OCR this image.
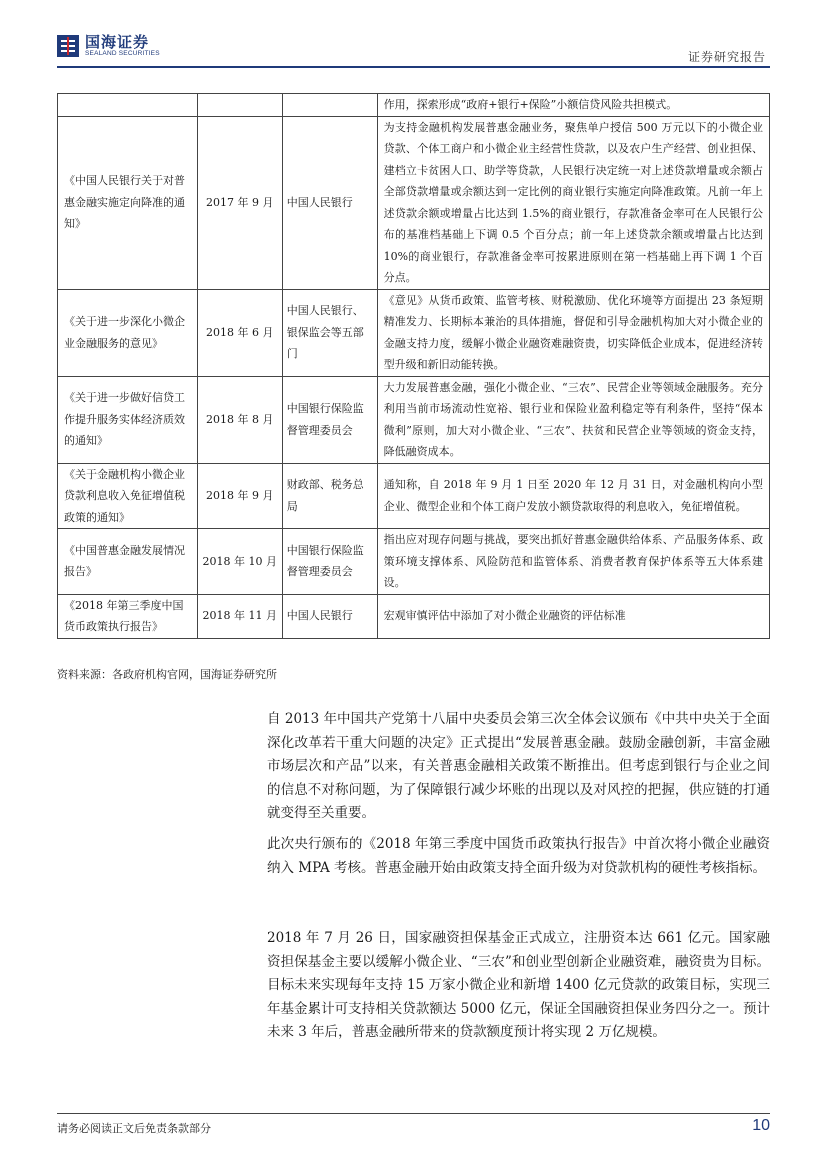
国海证券
SEALAND SECURITIES	证券研究报告
			作用，探索形成“政府+银行+保险”小额信贷风险共担模式。
《中国人民银行关于对普惠金融实施定向降准的通知》	2017 年 9 月	中国人民银行	为支持金融机构发展普惠金融业务，聚焦单户授信 500 万元以下的小微企业贷款、个体工商户和小微企业主经营性贷款，以及农户生产经营、创业担保、建档立卡贫困人口、助学等贷款，人民银行决定统一对上述贷款增量或余额占全部贷款增量或余额达到一定比例的商业银行实施定向降准政策。凡前一年上述贷款余额或增量占比达到 1.5%的商业银行，存款准备金率可在人民银行公布的基准档基础上下调 0.5 个百分点；前一年上述贷款余额或增量占比达到 10%的商业银行，存款准备金率可按累进原则在第一档基础上再下调 1 个百分点。
《关于进一步深化小微企业金融服务的意见》	2018 年 6 月	中国人民银行、银保监会等五部门	《意见》从货币政策、监管考核、财税激励、优化环境等方面提出 23 条短期精准发力、长期标本兼治的具体措施，督促和引导金融机构加大对小微企业的金融支持力度，缓解小微企业融资难融资贵，切实降低企业成本，促进经济转型升级和新旧动能转换。
《关于进一步做好信贷工作提升服务实体经济质效的通知》	2018 年 8 月	中国银行保险监督管理委员会	大力发展普惠金融，强化小微企业、“三农”、民营企业等领域金融服务。充分利用当前市场流动性宽裕、银行业和保险业盈利稳定等有利条件，坚持“保本微利”原则，加大对小微企业、“三农”、扶贫和民营企业等领域的资金支持，降低融资成本。
《关于金融机构小微企业贷款利息收入免征增值税政策的通知》	2018 年 9 月	财政部、税务总局	通知称，自 2018 年 9 月 1 日至 2020 年 12 月 31 日，对金融机构向小型企业、微型企业和个体工商户发放小额贷款取得的利息收入，免征增值税。
《中国普惠金融发展情况报告》	2018 年 10 月	中国银行保险监督管理委员会	指出应对现存问题与挑战，要突出抓好普惠金融供给体系、产品服务体系、政策环境支撑体系、风险防范和监管体系、消费者教育保护体系等五大体系建设。
《2018 年第三季度中国货币政策执行报告》	2018 年 11 月	中国人民银行	宏观审慎评估中添加了对小微企业融资的评估标准
资料来源：各政府机构官网，国海证券研究所

自 2013 年中国共产党第十八届中央委员会第三次全体会议颁布《中共中央关于全面深化改革若干重大问题的决定》正式提出“发展普惠金融。鼓励金融创新，丰富金融市场层次和产品”以来，有关普惠金融相关政策不断推出。但考虑到银行与企业之间的信息不对称问题，为了保障银行减少坏账的出现以及对风控的把握，供应链的打通就变得至关重要。

此次央行颁布的《2018 年第三季度中国货币政策执行报告》中首次将小微企业融资纳入 MPA 考核。普惠金融开始由政策支持全面升级为对贷款机构的硬性考核指标。

2018 年 7 月 26 日，国家融资担保基金正式成立，注册资本达 661 亿元。国家融资担保基金主要以缓解小微企业、“三农”和创业型创新企业融资难，融资贵为目标。目标未来实现每年支持 15 万家小微企业和新增 1400 亿元贷款的政策目标，实现三年基金累计可支持相关贷款额达 5000 亿元，保证全国融资担保业务四分之一。预计未来 3 年后，普惠金融所带来的贷款额度预计将实现 2 万亿规模。

请务必阅读正文后免责条款部分	10
